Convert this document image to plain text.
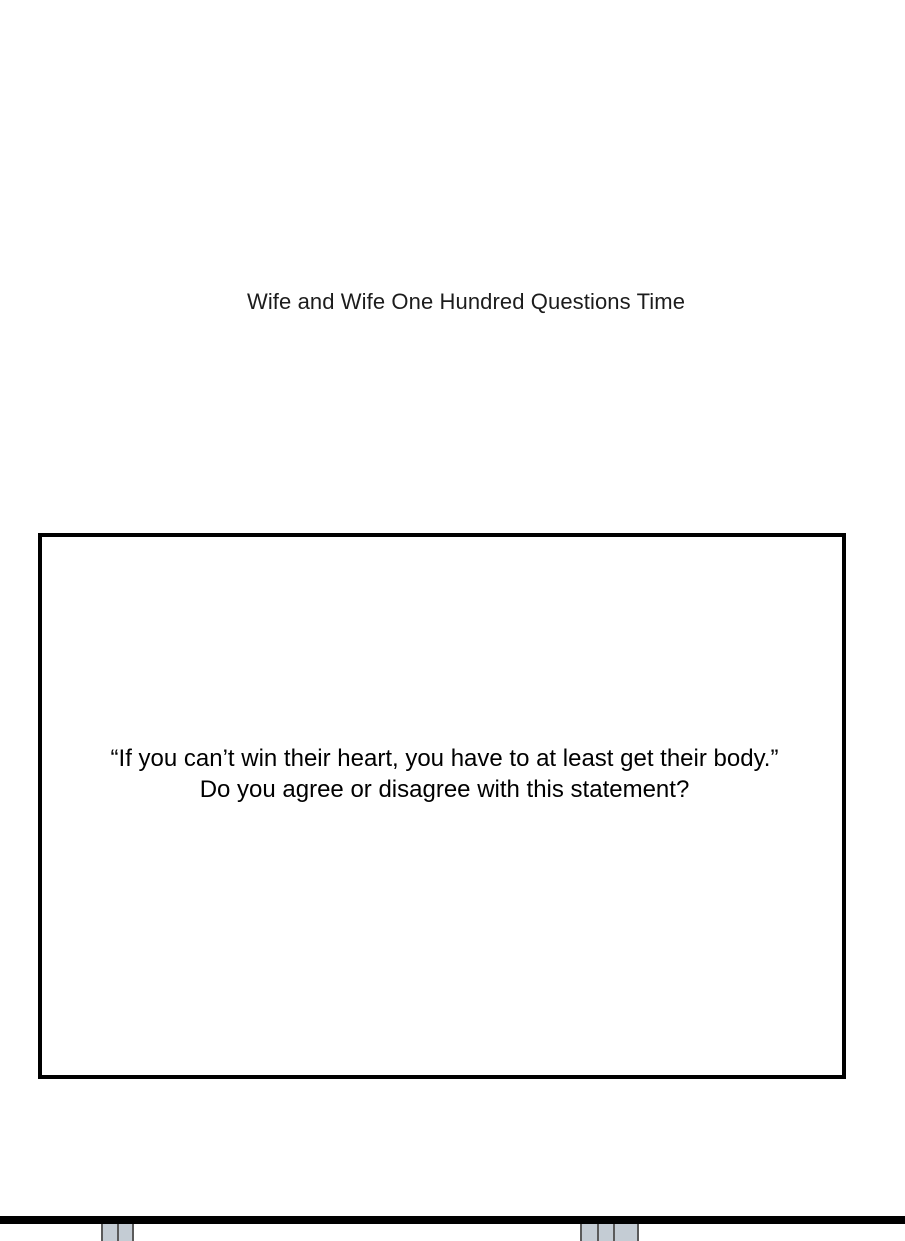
Wife and Wife One Hundred Questions Time
“If you can’t win their heart, you have to at least get their body.” Do you agree or disagree with this statement?
